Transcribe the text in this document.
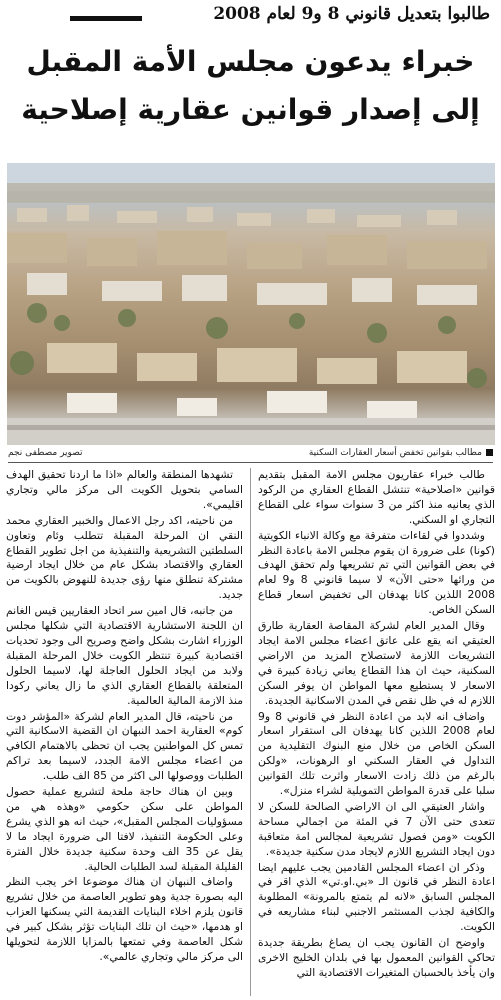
طالبوا بتعديل قانوني 8 و9 لعام 2008
خبراء يدعون مجلس الأمة المقبل إلى إصدار قوانين عقارية إصلاحية
مطالب بقوانين تخفض أسعار العقارات السكنية
تصوير مصطفى نجم

طالب خبراء عقاريون مجلس الامة المقبل بتقديم قوانين «اصلاحية» تنتشل القطاع العقاري من الركود الذي يعانيه منذ اكثر من 3 سنوات سواء على القطاع التجاري او السكني.

وشددوا في لقاءات متفرقة مع وكالة الانباء الكويتية (كونا) على ضرورة ان يقوم مجلس الامة باعادة النظر في بعض القوانين التي تم تشريعها ولم تحقق الهدف من ورائها «حتى الآن» لا سيما قانوني 8 و9 لعام 2008 اللذين كانا يهدفان الى تخفيض اسعار قطاع السكن الخاص.

وقال المدير العام لشركة المقاصة العقارية طارق العتيقي انه يقع على عاتق اعضاء مجلس الامة ايجاد التشريعات اللازمة لاستصلاح المزيد من الاراضي السكنية، حيث ان هذا القطاع يعاني زيادة كبيرة في الاسعار لا يستطيع معها المواطن ان يوفر السكن اللازم له في ظل نقص في المدن الاسكانية الجديدة.

واضاف انه لابد من اعادة النظر في قانوني 8 و9 لعام 2008 اللذين كانا يهدفان الى استقرار اسعار السكن الخاص من خلال منع البنوك التقليدية من التداول في العقار السكني او الرهونات، «ولكن بالرغم من ذلك زادت الاسعار واثرت تلك القوانين سلبا على قدرة المواطن التمويلية لشراء منزل».

واشار العتيقي الى ان الاراضي الصالحة للسكن لا تتعدى حتى الآن 7 في المئة من اجمالي مساحة الكويت «ومن فصول تشريعية لمجالس امة متعاقبة دون ايجاد التشريع اللازم لايجاد مدن سكنية جديدة».

وذكر ان اعضاء المجلس القادمين يجب عليهم ايضا اعادة النظر في قانون الـ «بي.او.تي» الذي اقر في المجلس السابق «لانه لم يتمتع بالمرونة» المطلوبة والكافية لجذب المستثمر الاجنبي لبناء مشاريعه في الكويت.

واوضح ان القانون يجب ان يصاغ بطريقة جديدة تحاكي القوانين المعمول بها في بلدان الخليج الاخرى وان يأخذ بالحسبان المتغيرات الاقتصادية التي

تشهدها المنطقة والعالم «اذا ما اردنا تحقيق الهدف السامي بتحويل الكويت الى مركز مالي وتجاري اقليمي».

من ناحيته، اكد رجل الاعمال والخبير العقاري محمد النقي ان المرحلة المقبلة تتطلب وئام وتعاون السلطتين التشريعية والتنفيذية من اجل تطوير القطاع العقاري والاقتصاد بشكل عام من خلال ايجاد ارضية مشتركة تنطلق منها رؤى جديدة للنهوض بالكويت من جديد.

من جانبه، قال امين سر اتحاد العقاريين قيس الغانم ان اللجنة الاستشارية الاقتصادية التي شكلها مجلس الوزراء اشارت بشكل واضح وصريح الى وجود تحديات اقتصادية كبيرة تنتظر الكويت خلال المرحلة المقبلة ولابد من ايجاد الحلول العاجلة لها، لاسيما الحلول المتعلقة بالقطاع العقاري الذي ما زال يعاني ركودا منذ الازمة المالية العالمية.

من ناحيته، قال المدير العام لشركة «المؤشر دوت كوم» العقارية احمد النبهان ان القضية الاسكانية التي تمس كل المواطنين يجب ان تحظى بالاهتمام الكافي من اعضاء مجلس الامة الجدد، لاسيما بعد تراكم الطلبات ووصولها الى اكثر من 85 الف طلب.

وبين ان هناك حاجة ملحة لتشريع عملية حصول المواطن على سكن حكومي «وهذه هي من مسؤوليات المجلس المقبل»، حيث انه هو الذي يشرع وعلى الحكومة التنفيذ، لافتا الى ضرورة ايجاد ما لا يقل عن 35 الف وحدة سكنية جديدة خلال الفترة القليلة المقبلة لسد الطلبات الحالية.

واضاف النبهان ان هناك موضوعا اخر يجب النظر اليه بصورة جدية وهو تطوير العاصمة من خلال تشريع قانون يلزم اخلاء البنايات القديمة التي يسكنها العزاب او هدمها، «حيث ان تلك البنايات تؤثر بشكل كبير في شكل العاصمة وفي تمتعها بالمزايا اللازمة لتحويلها الى مركز مالي وتجاري عالمي».
